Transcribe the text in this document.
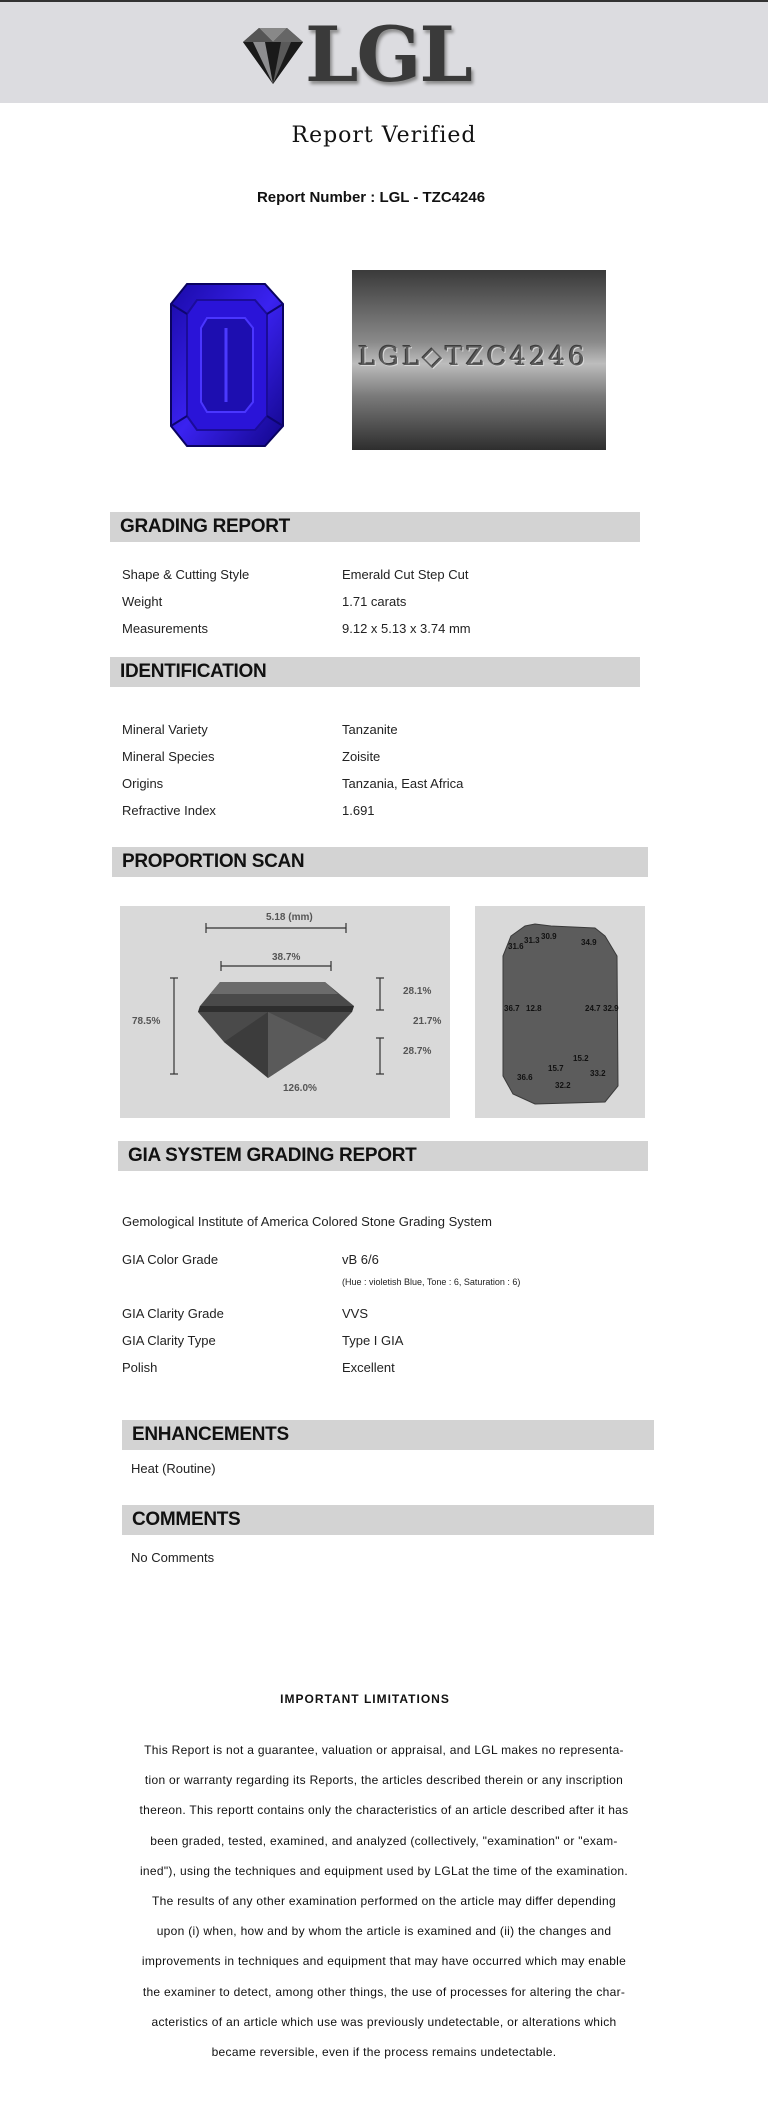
LGL
Report Verified
Report Number : LGL - TZC4246
LGL◇TZC4246
GRADING REPORT
Shape & Cutting Style	Emerald Cut Step Cut
Weight	1.71 carats
Measurements	9.12 x 5.13 x 3.74 mm
IDENTIFICATION
Mineral Variety	Tanzanite
Mineral Species	Zoisite
Origins	Tanzania, East Africa
Refractive Index	1.691
PROPORTION SCAN
5.18 (mm)
38.7%
78.5%
28.1%
21.7%
28.7%
126.0%
31.6
31.3 30.9
34.9
36.7 12.8	24.7 32.9
15.2
15.7
33.2
36.6
32.2
GIA SYSTEM GRADING REPORT
Gemological Institute of America Colored Stone Grading System
GIA Color Grade	vB 6/6
(Hue : violetish Blue, Tone : 6, Saturation : 6)
GIA Clarity Grade	VVS
GIA Clarity Type	Type I GIA
Polish	Excellent
ENHANCEMENTS
Heat (Routine)
COMMENTS
No Comments
IMPORTANT LIMITATIONS
This Report is not a guarantee, valuation or appraisal, and LGL makes no representa-
tion or warranty regarding its Reports, the articles described therein or any inscription
thereon. This reportt contains only the characteristics of an article described after it has
been graded, tested, examined, and analyzed (collectively, "examination" or "exam-
ined"), using the techniques and equipment used by LGLat the time of the examination.
The results of any other examination performed on the article may differ depending
upon (i) when, how and by whom the article is examined and (ii) the changes and
improvements in techniques and equipment that may have occurred which may enable
the examiner to detect, among other things, the use of processes for altering the char-
acteristics of an article which use was previously undetectable, or alterations which
became reversible, even if the process remains undetectable.
